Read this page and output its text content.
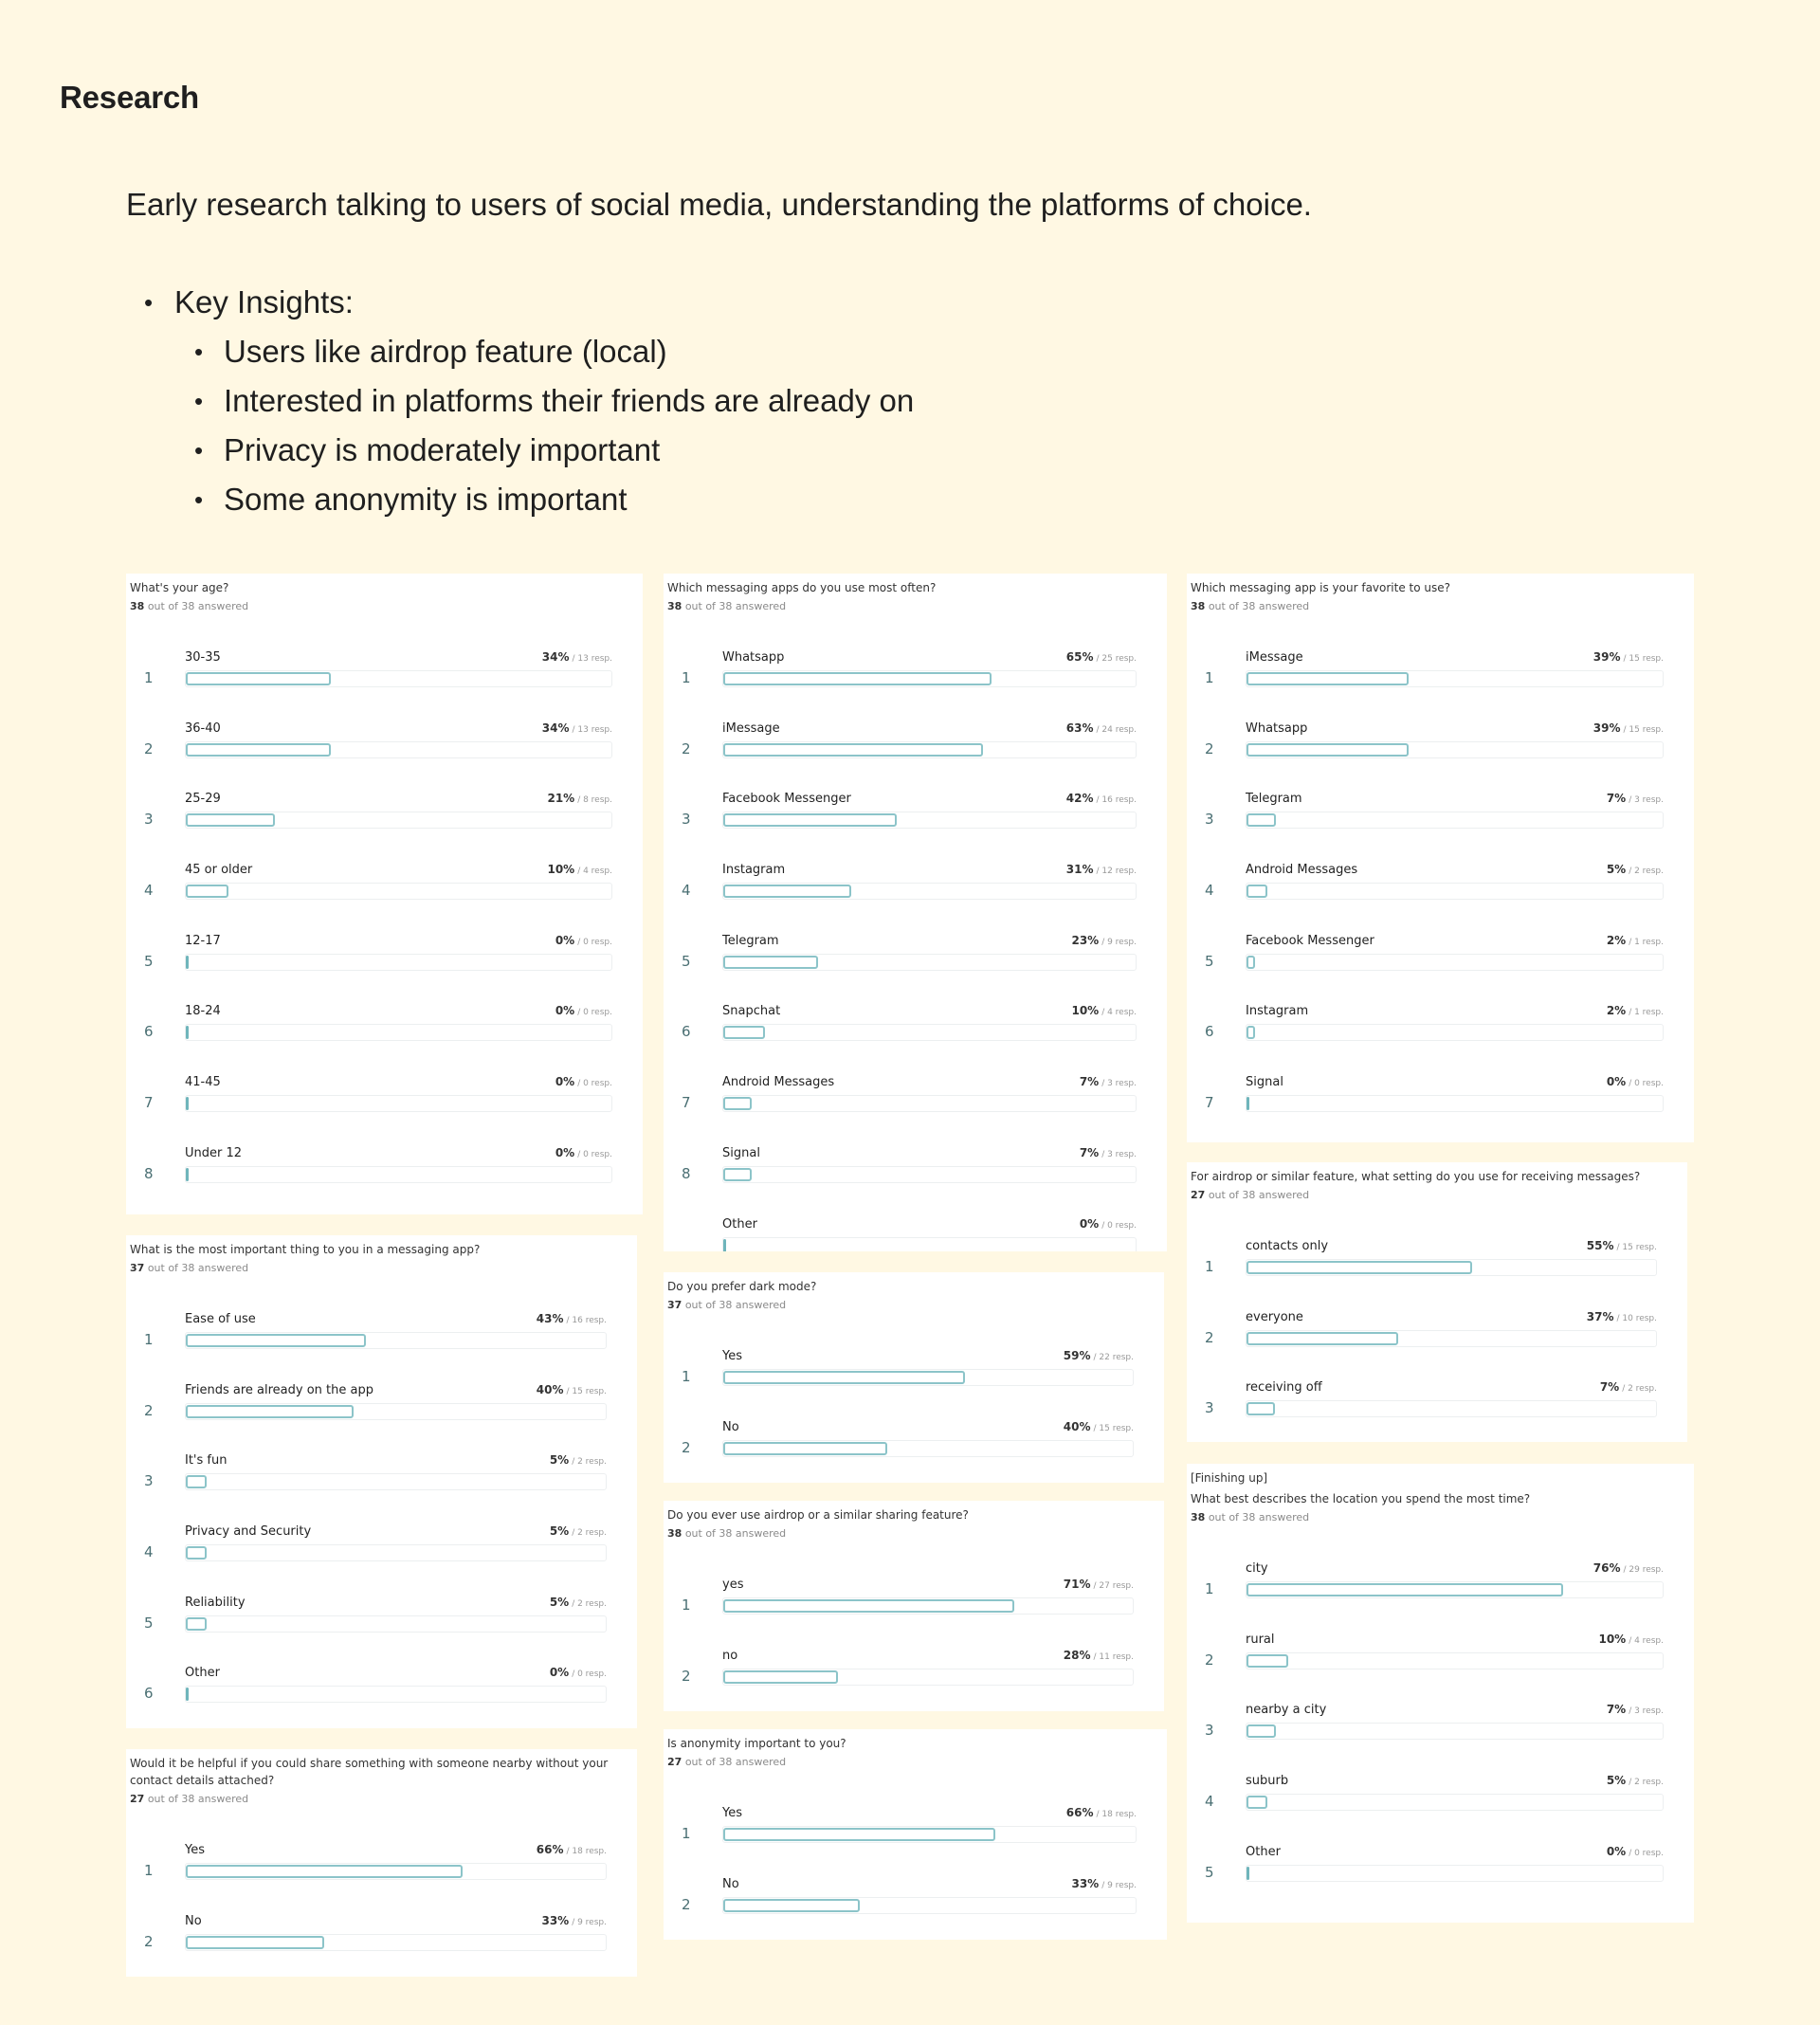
Research

Early research talking to users of social media, understanding the platforms of choice.

• Key Insights:
• Users like airdrop feature (local)
• Interested in platforms their friends are already on
• Privacy is moderately important
• Some anonymity is important

What's your age?

38 out of 38 answered

1
30-35	34% / 13 resp.
2
36-40	34% / 13 resp.
3
25-29	21% / 8 resp.
4
45 or older	10% / 4 resp.
5
12-17	0% / 0 resp.
6
18-24	0% / 0 resp.
7
41-45	0% / 0 resp.
8
Under 12	0% / 0 resp.

Which messaging apps do you use most often?

38 out of 38 answered

1
Whatsapp	65% / 25 resp.
2
iMessage	63% / 24 resp.
3
Facebook Messenger	42% / 16 resp.
4
Instagram	31% / 12 resp.
5
Telegram	23% / 9 resp.
6
Snapchat	10% / 4 resp.
7
Android Messages	7% / 3 resp.
8
Signal	7% / 3 resp.
Other	0% / 0 resp.

Which messaging app is your favorite to use?

38 out of 38 answered

1
iMessage	39% / 15 resp.
2
Whatsapp	39% / 15 resp.
3
Telegram	7% / 3 resp.
4
Android Messages	5% / 2 resp.
5
Facebook Messenger	2% / 1 resp.
6
Instagram	2% / 1 resp.
7
Signal	0% / 0 resp.

For airdrop or similar feature, what setting do you use for receiving messages?

27 out of 38 answered

1
contacts only	55% / 15 resp.
2
everyone	37% / 10 resp.
3
receiving off	7% / 2 resp.

What is the most important thing to you in a messaging app?

37 out of 38 answered

1
Ease of use	43% / 16 resp.
2
Friends are already on the app	40% / 15 resp.
3
It's fun	5% / 2 resp.
4
Privacy and Security	5% / 2 resp.
5
Reliability	5% / 2 resp.
6
Other	0% / 0 resp.

Do you prefer dark mode?

37 out of 38 answered

1
Yes	59% / 22 resp.
2
No	40% / 15 resp.

Do you ever use airdrop or a similar sharing feature?

38 out of 38 answered

1
yes	71% / 27 resp.
2
no	28% / 11 resp.

[Finishing up]

What best describes the location you spend the most time?

38 out of 38 answered

1
city	76% / 29 resp.
2
rural	10% / 4 resp.
3
nearby a city	7% / 3 resp.
4
suburb	5% / 2 resp.
5
Other	0% / 0 resp.

Would it be helpful if you could share something with someone nearby without your contact details attached?

27 out of 38 answered

1
Yes	66% / 18 resp.
2
No	33% / 9 resp.

Is anonymity important to you?

27 out of 38 answered

1
Yes	66% / 18 resp.
2
No	33% / 9 resp.
